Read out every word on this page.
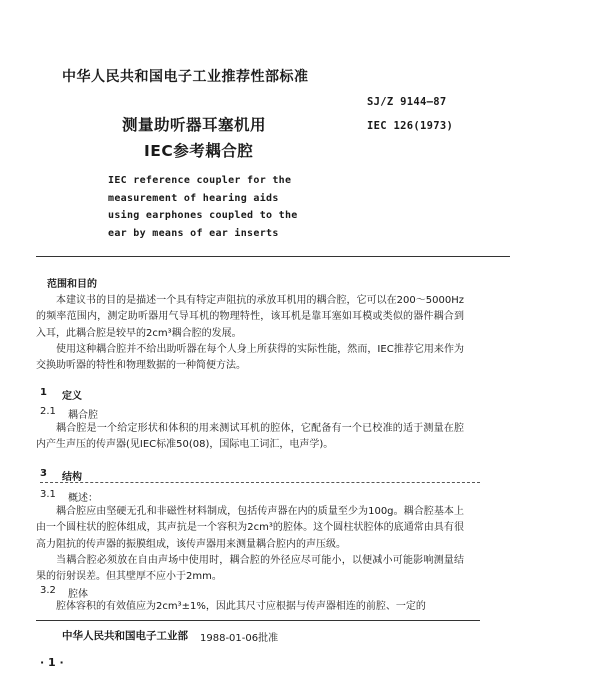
中华人民共和国电子工业推荐性部标准
SJ/Z 9144—87
IEC 126(1973)
测量助听器耳塞机用
IEC参考耦合腔
IEC reference coupler for the
measurement of hearing aids
using earphones coupled to the
ear by means of ear inserts
范围和目的

本建议书的目的是描述一个具有特定声阻抗的承放耳机用的耦合腔，它可以在200～5000Hz的频率范围内，测定助听器用气导耳机的物理特性，该耳机是靠耳塞如耳模或类似的器件耦合到入耳，此耦合腔是较早的2cm³耦合腔的发展。

使用这种耦合腔并不给出助听器在每个人身上所获得的实际性能，然而，IEC推荐它用来作为交换助听器的特性和物理数据的一种简便方法。

1 定义
2.1 耦合腔

耦合腔是一个给定形状和体积的用来测试耳机的腔体，它配备有一个已校准的适于测量在腔内产生声压的传声器(见IEC标准50(08)，国际电工词汇，电声学)。

3 结构
3.1 概述：

耦合腔应由坚硬无孔和非磁性材料制成，包括传声器在内的质量至少为100g。耦合腔基本上由一个圆柱状的腔体组成，其声抗是一个容积为2cm³的腔体。这个圆柱状腔体的底通常由具有很高力阻抗的传声器的振膜组成，该传声器用来测量耦合腔内的声压级。

当耦合腔必须放在自由声场中使用时，耦合腔的外径应尽可能小，以便减小可能影响测量结果的衍射误差。但其壁厚不应小于2mm。

3.2 腔体

腔体容积的有效值应为2cm³±1%，因此其尺寸应根据与传声器相连的前腔、一定的

中华人民共和国电子工业部 1988-01-06批准
· 1 ·
